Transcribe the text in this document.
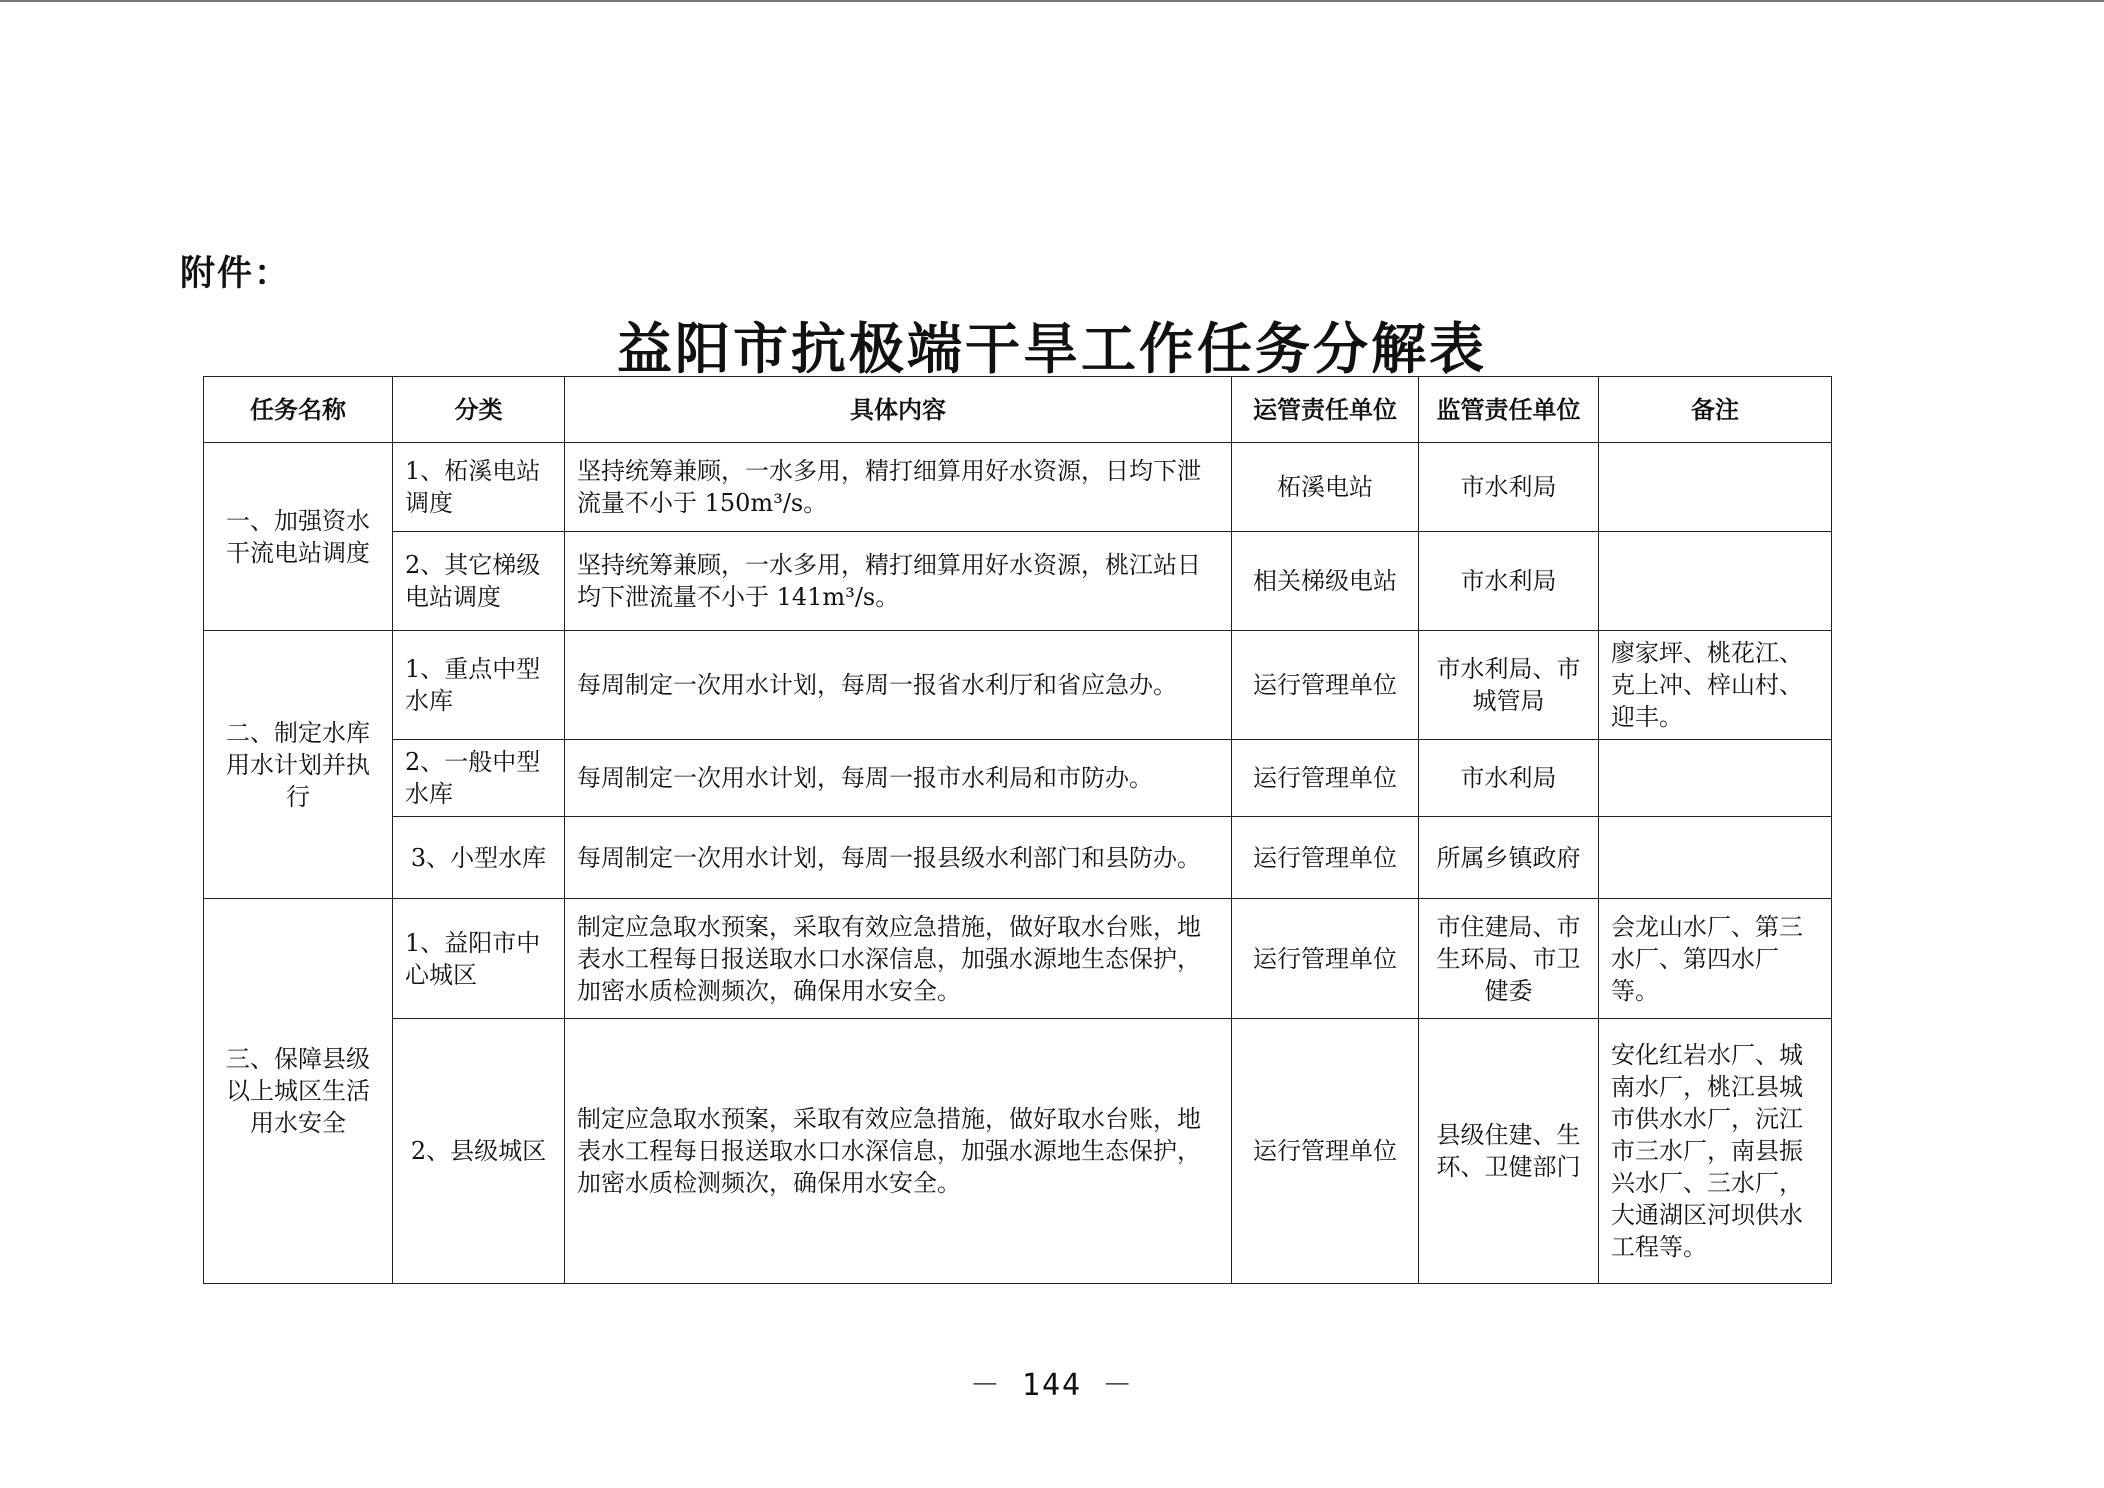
附件：
益阳市抗极端干旱工作任务分解表
任务名称	分类	具体内容	运管责任单位	监管责任单位	备注
一、加强资水干流电站调度	1、柘溪电站调度	坚持统筹兼顾，一水多用，精打细算用好水资源，日均下泄流量不小于 150m³/s。	柘溪电站	市水利局	
	2、其它梯级电站调度	坚持统筹兼顾，一水多用，精打细算用好水资源，桃江站日均下泄流量不小于 141m³/s。	相关梯级电站	市水利局	
二、制定水库用水计划并执行	1、重点中型水库	每周制定一次用水计划，每周一报省水利厅和省应急办。	运行管理单位	市水利局、市城管局	廖家坪、桃花江、克上冲、梓山村、迎丰。
	2、一般中型水库	每周制定一次用水计划，每周一报市水利局和市防办。	运行管理单位	市水利局	
	3、小型水库	每周制定一次用水计划，每周一报县级水利部门和县防办。	运行管理单位	所属乡镇政府	
三、保障县级以上城区生活用水安全	1、益阳市中心城区	制定应急取水预案，采取有效应急措施，做好取水台账，地表水工程每日报送取水口水深信息，加强水源地生态保护，加密水质检测频次，确保用水安全。	运行管理单位	市住建局、市生环局、市卫健委	会龙山水厂、第三水厂、第四水厂等。
	2、县级城区	制定应急取水预案，采取有效应急措施，做好取水台账，地表水工程每日报送取水口水深信息，加强水源地生态保护，加密水质检测频次，确保用水安全。	运行管理单位	县级住建、生环、卫健部门	安化红岩水厂、城南水厂，桃江县城市供水水厂，沅江市三水厂，南县振兴水厂、三水厂，大通湖区河坝供水工程等。
－ 144 －
